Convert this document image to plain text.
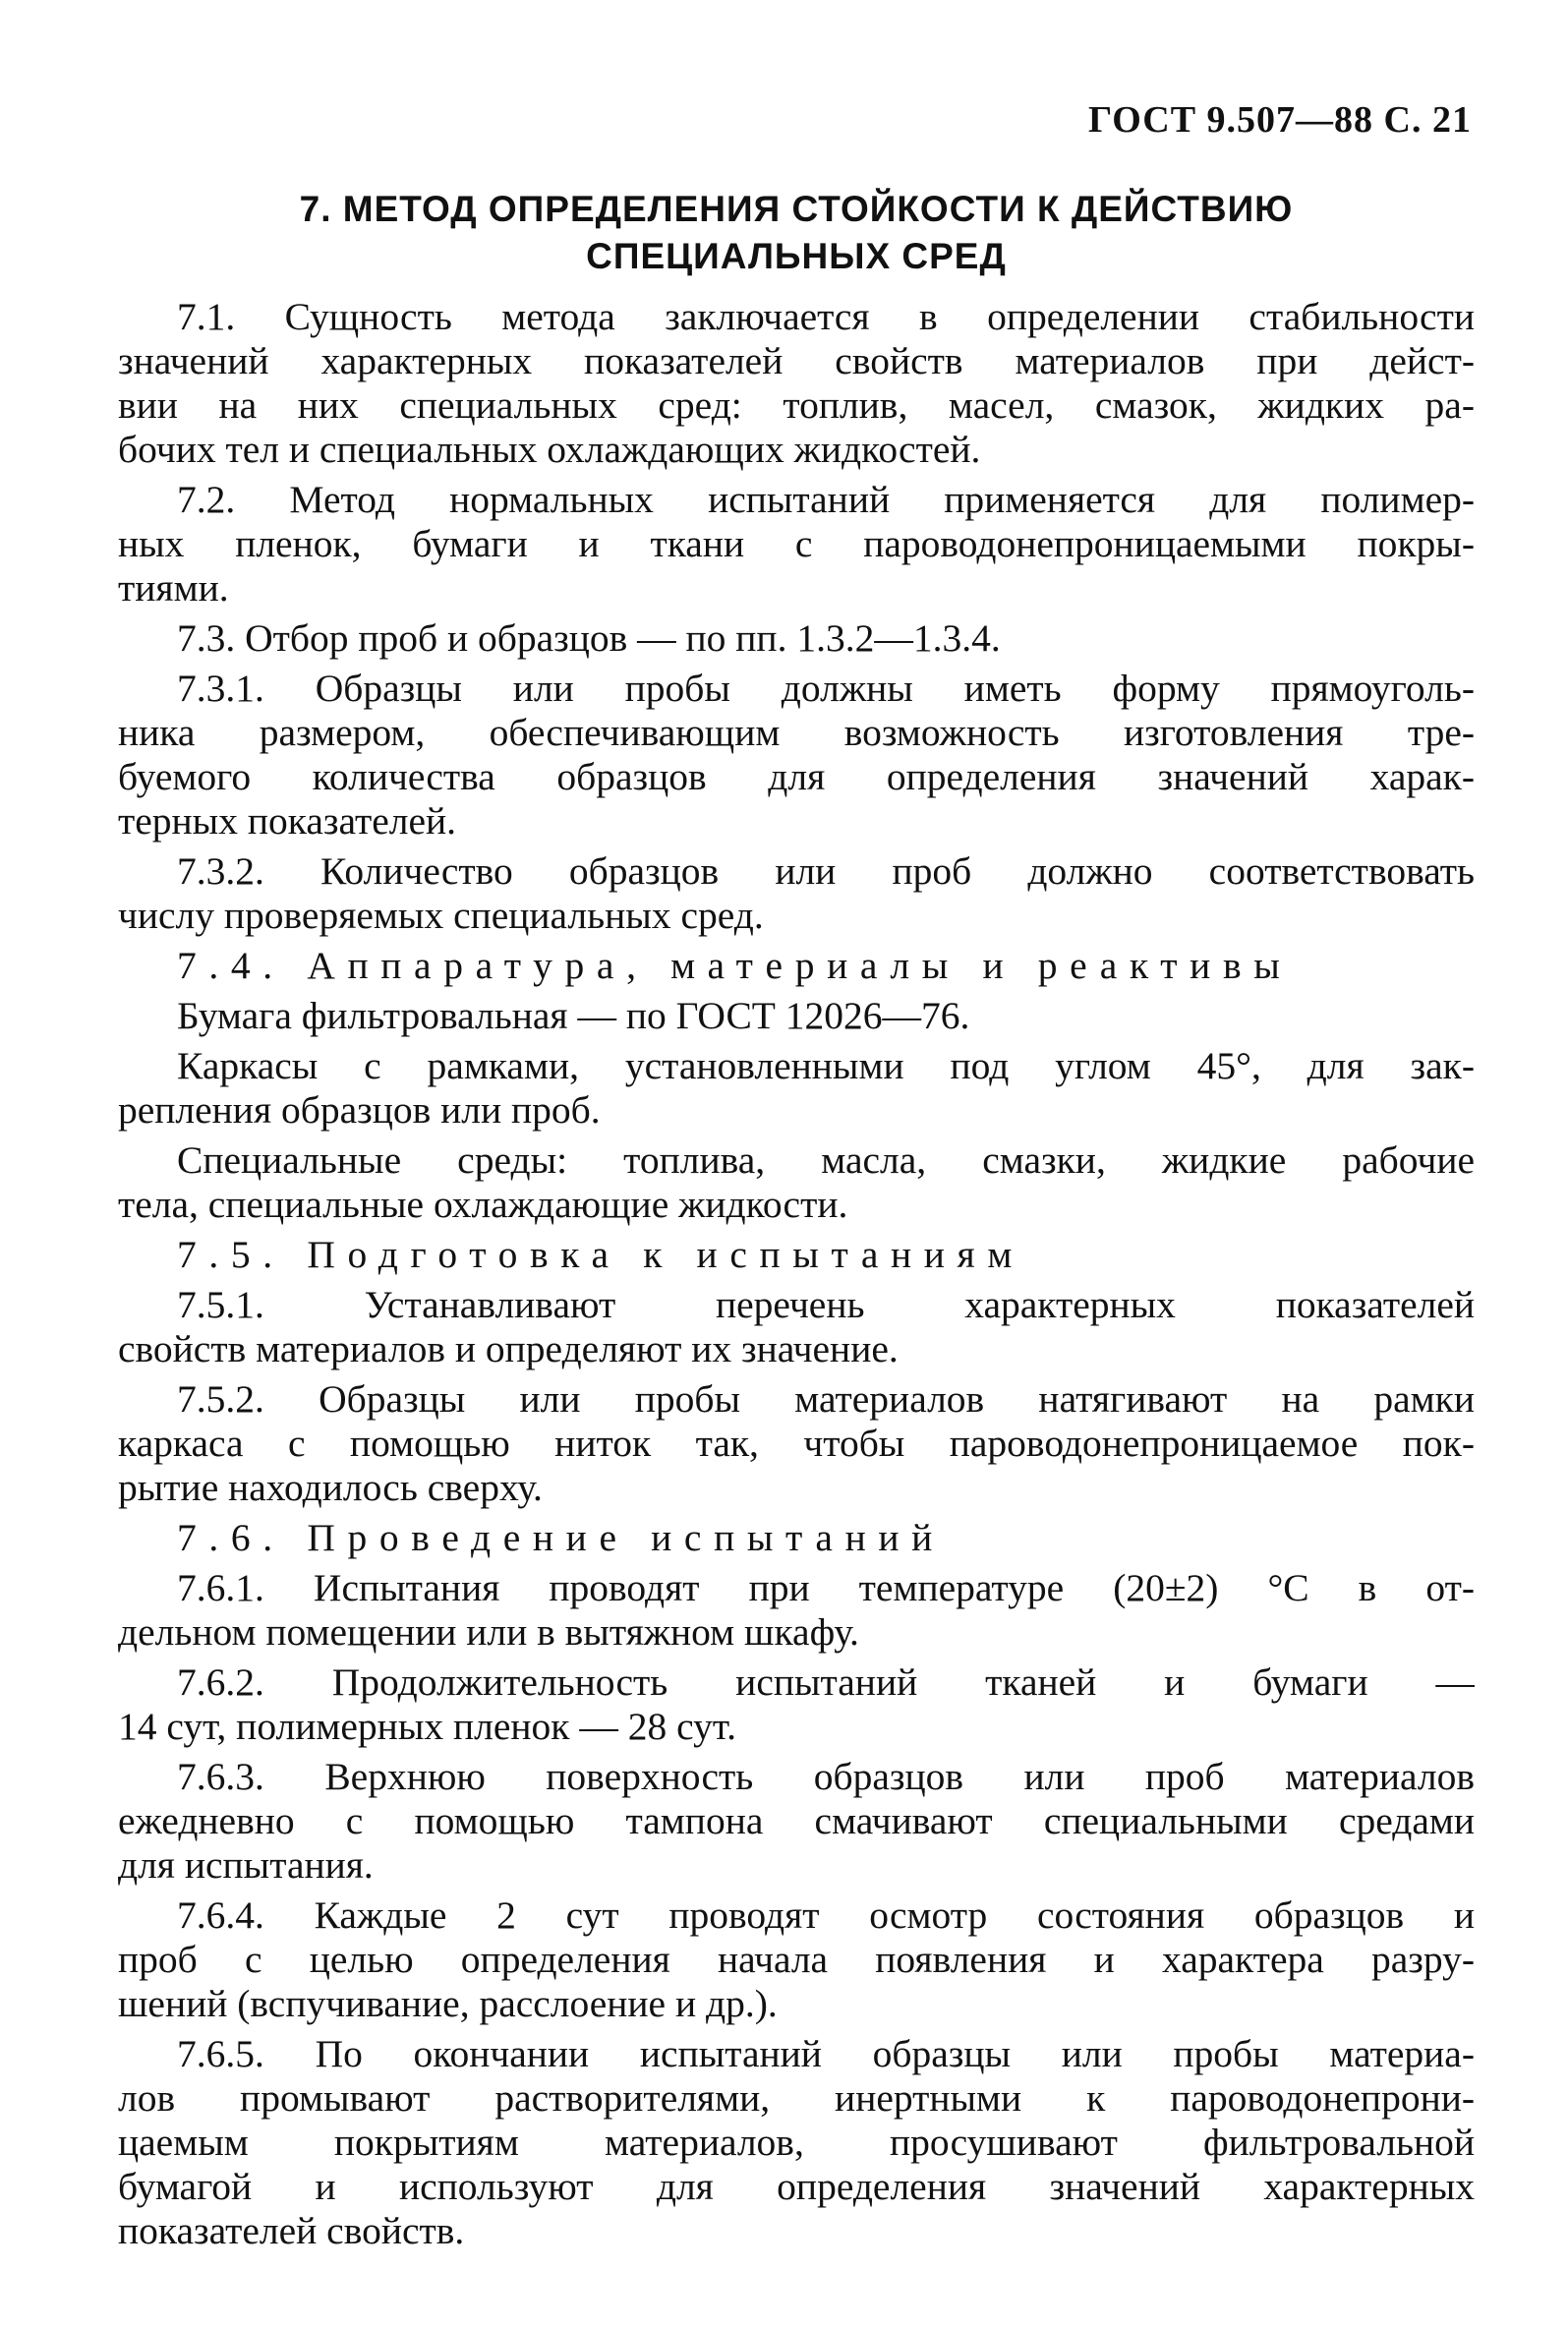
ГОСТ 9.507—88 С. 21
7. МЕТОД ОПРЕДЕЛЕНИЯ СТОЙКОСТИ К ДЕЙСТВИЮ
СПЕЦИАЛЬНЫХ СРЕД
7.1. Сущность метода заключается в определении стабильности
значений характерных показателей свойств материалов при дейст-
вии на них специальных сред: топлив, масел, смазок, жидких ра-
бочих тел и специальных охлаждающих жидкостей.
7.2. Метод нормальных испытаний применяется для полимер-
ных пленок, бумаги и ткани с пароводонепроницаемыми покры-
тиями.
7.3. Отбор проб и образцов — по пп. 1.3.2—1.3.4.
7.3.1. Образцы или пробы должны иметь форму прямоуголь-
ника размером, обеспечивающим возможность изготовления тре-
буемого количества образцов для определения значений харак-
терных показателей.
7.3.2. Количество образцов или проб должно соответствовать
числу проверяемых специальных сред.
7.4. Аппаратура, материалы и реактивы
Бумага фильтровальная — по ГОСТ 12026—76.
Каркасы с рамками, установленными под углом 45°, для зак-
репления образцов или проб.
Специальные среды: топлива, масла, смазки, жидкие рабочие
тела, специальные охлаждающие жидкости.
7.5. Подготовка к испытаниям
7.5.1. Устанавливают перечень характерных показателей
свойств материалов и определяют их значение.
7.5.2. Образцы или пробы материалов натягивают на рамки
каркаса с помощью ниток так, чтобы пароводонепроницаемое пок-
рытие находилось сверху.
7.6. Проведение испытаний
7.6.1. Испытания проводят при температуре (20±2) °С в от-
дельном помещении или в вытяжном шкафу.
7.6.2. Продолжительность испытаний тканей и бумаги —
14 сут, полимерных пленок — 28 сут.
7.6.3. Верхнюю поверхность образцов или проб материалов
ежедневно с помощью тампона смачивают специальными средами
для испытания.
7.6.4. Каждые 2 сут проводят осмотр состояния образцов и
проб с целью определения начала появления и характера разру-
шений (вспучивание, расслоение и др.).
7.6.5. По окончании испытаний образцы или пробы материа-
лов промывают растворителями, инертными к пароводонепрони-
цаемым покрытиям материалов, просушивают фильтровальной
бумагой и используют для определения значений характерных
показателей свойств.
